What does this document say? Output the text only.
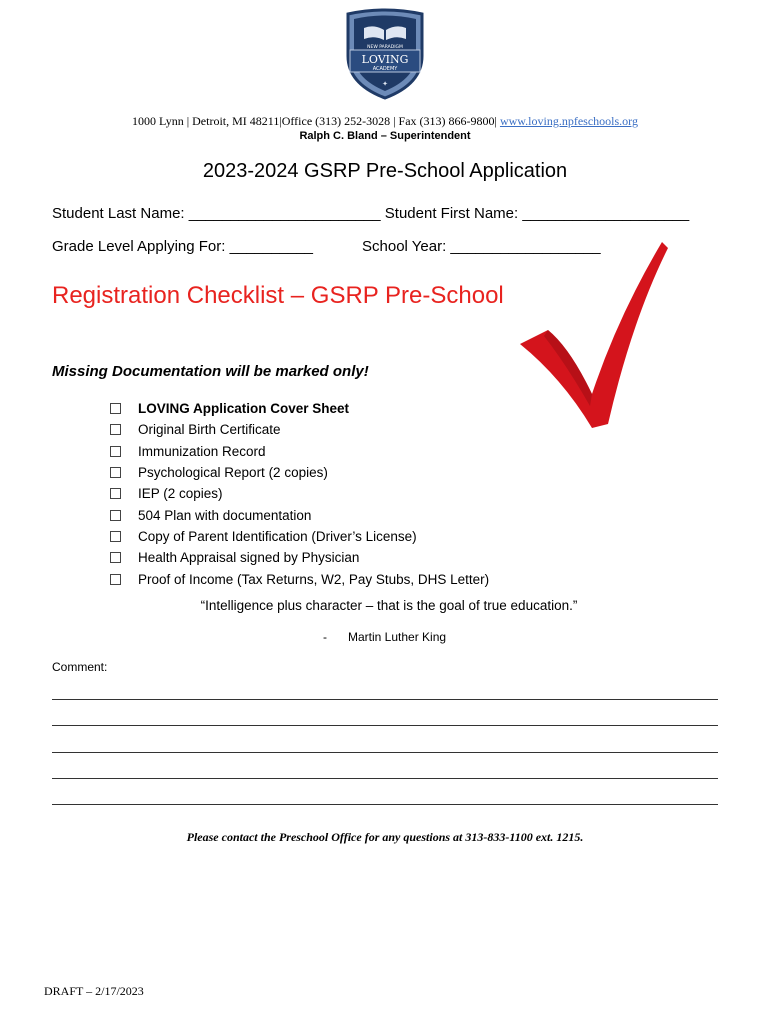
NEW PARADIGM
LOVING
ACADEMY
✦
1000 Lynn | Detroit, MI 48211|Office (313) 252-3028 | Fax (313) 866-9800| www.loving.npfeschools.org
Ralph C. Bland – Superintendent
2023-2024 GSRP Pre-School Application
Student Last Name: _______________________ Student First Name: ____________________
Grade Level Applying For: __________	School Year: __________________
Registration Checklist – GSRP Pre-School
Missing Documentation will be marked only!
LOVING Application Cover Sheet
Original Birth Certificate
Immunization Record
Psychological Report (2 copies)
IEP (2 copies)
504 Plan with documentation
Copy of Parent Identification (Driver’s License)
Health Appraisal signed by Physician
Proof of Income (Tax Returns, W2, Pay Stubs, DHS Letter)
“Intelligence plus character – that is the goal of true education.”
- Martin Luther King
Comment:
Please contact the Preschool Office for any questions at 313-833-1100 ext. 1215.
DRAFT – 2/17/2023
